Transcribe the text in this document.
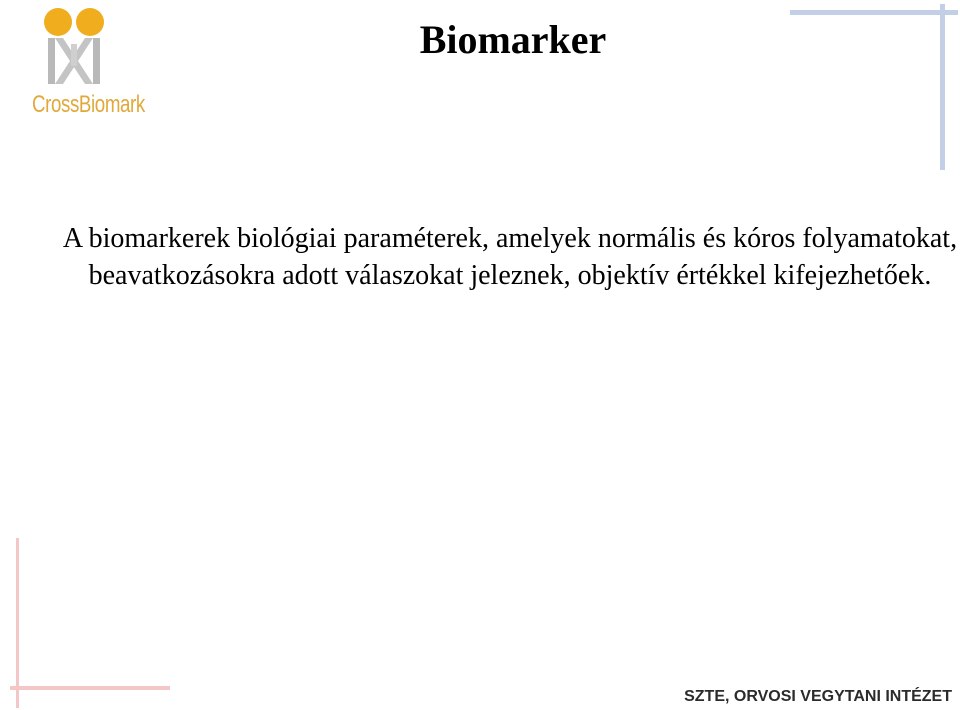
CrossBiomark
Biomarker

A biomarkerek biológiai paraméterek, amelyek normális és kóros folyamatokat, beavatkozásokra adott válaszokat jeleznek, objektív értékkel kifejezhetőek.

SZTE, ORVOSI VEGYTANI INTÉZET
